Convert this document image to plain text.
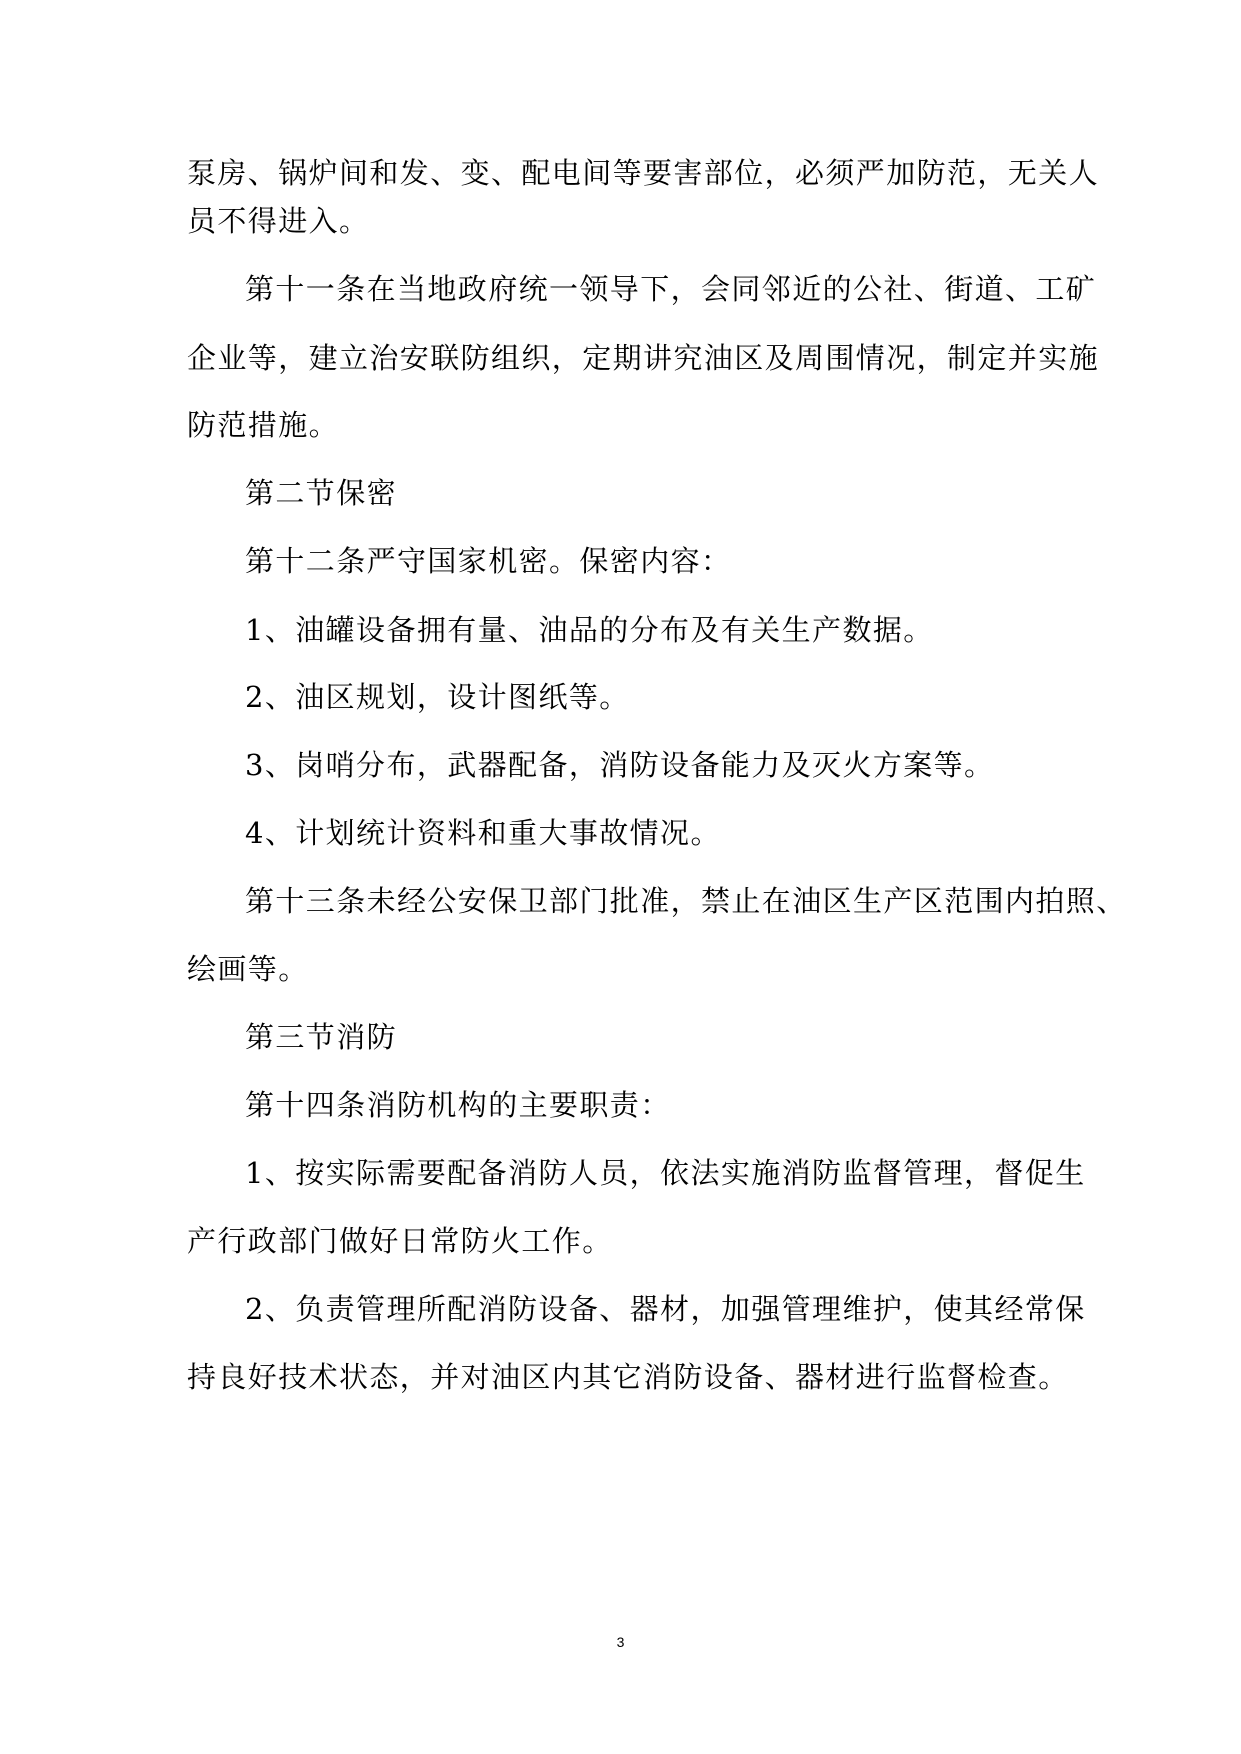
泵房、锅炉间和发、变、配电间等要害部位，必须严加防范，无关人
员不得进入。
第十一条在当地政府统一领导下，会同邻近的公社、街道、工矿
企业等，建立治安联防组织，定期讲究油区及周围情况，制定并实施
防范措施。
第二节保密
第十二条严守国家机密。保密内容：
1、油罐设备拥有量、油品的分布及有关生产数据。
2、油区规划，设计图纸等。
3、岗哨分布，武器配备，消防设备能力及灭火方案等。
4、计划统计资料和重大事故情况。
第十三条未经公安保卫部门批准，禁止在油区生产区范围内拍照、
绘画等。
第三节消防
第十四条消防机构的主要职责：
1、按实际需要配备消防人员，依法实施消防监督管理，督促生
产行政部门做好日常防火工作。
2、负责管理所配消防设备、器材，加强管理维护，使其经常保
持良好技术状态，并对油区内其它消防设备、器材进行监督检查。
3
